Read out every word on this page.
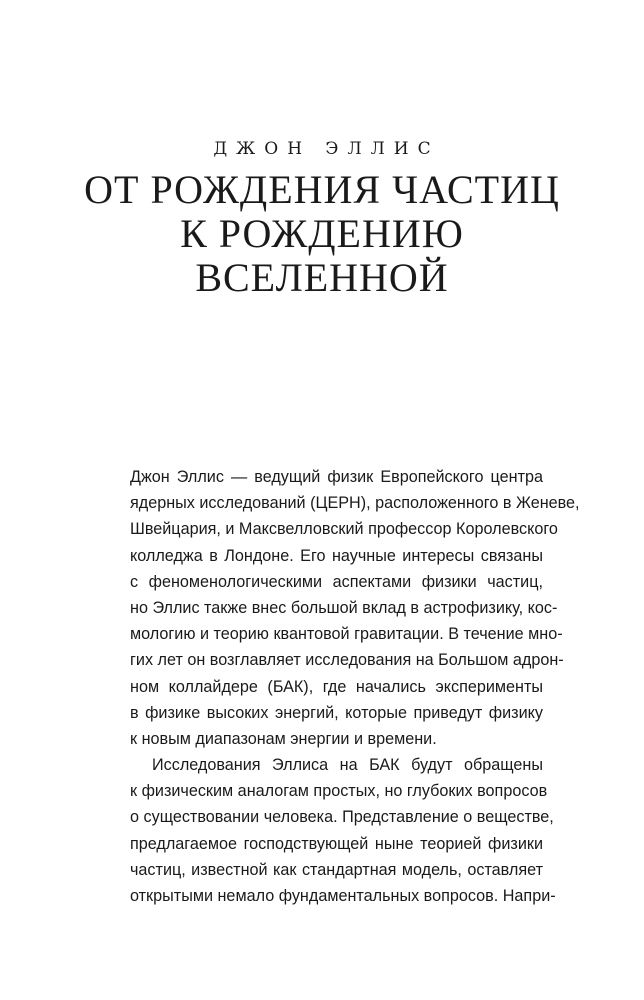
ДЖОН ЭЛЛИС
ОТ РОЖДЕНИЯ ЧАСТИЦ
К РОЖДЕНИЮ
ВСЕЛЕННОЙ
Джон Эллис — ведущий физик Европейского центра
ядерных исследований (ЦЕРН), расположенного в Женеве,
Швейцария, и Максвелловский профессор Королевского
колледжа в Лондоне. Его научные интересы связаны
с феноменологическими аспектами физики частиц,
но Эллис также внес большой вклад в астрофизику, кос-
мологию и теорию квантовой гравитации. В течение мно-
гих лет он возглавляет исследования на Большом адрон-
ном коллайдере (БАК), где начались эксперименты
в физике высоких энергий, которые приведут физику
к новым диапазонам энергии и времени.
Исследования Эллиса на БАК будут обращены
к физическим аналогам простых, но глубоких вопросов
о существовании человека. Представление о веществе,
предлагаемое господствующей ныне теорией физики
частиц, известной как стандартная модель, оставляет
открытыми немало фундаментальных вопросов. Напри-
